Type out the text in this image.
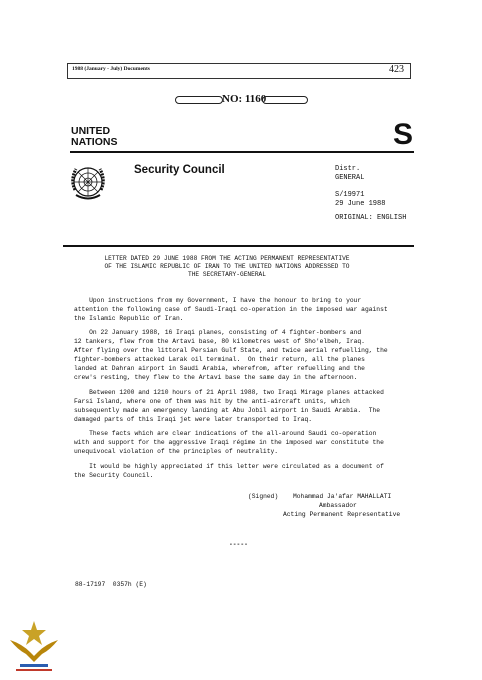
1988 (January - July) Documents	423
NO: 1160
UNITED
NATIONS	S
Security Council	Distr.
GENERAL
S/19971
29 June 1988
ORIGINAL: ENGLISH
LETTER DATED 29 JUNE 1988 FROM THE ACTING PERMANENT REPRESENTATIVE
OF THE ISLAMIC REPUBLIC OF IRAN TO THE UNITED NATIONS ADDRESSED TO
THE SECRETARY-GENERAL
Upon instructions from my Government, I have the honour to bring to your
attention the following case of Saudi-Iraqi co-operation in the imposed war against
the Islamic Republic of Iran.
On 22 January 1988, 16 Iraqi planes, consisting of 4 fighter-bombers and
12 tankers, flew from the Artavi base, 80 kilometres west of Sho'elbeh, Iraq.
After flying over the littoral Persian Gulf State, and twice aerial refuelling, the
fighter-bombers attacked Larak oil terminal.  On their return, all the planes
landed at Dahran airport in Saudi Arabia, wherefrom, after refuelling and the
crew's resting, they flew to the Artavi base the same day in the afternoon.
Between 1200 and 1210 hours of 21 April 1988, two Iraqi Mirage planes attacked
Farsi Island, where one of them was hit by the anti-aircraft units, which
subsequently made an emergency landing at Abu Jobil airport in Saudi Arabia.  The
damaged parts of this Iraqi jet were later transported to Iraq.
These facts which are clear indications of the all-around Saudi co-operation
with and support for the aggressive Iraqi régime in the imposed war constitute the
unequivocal violation of the principles of neutrality.
It would be highly appreciated if this letter were circulated as a document of
the Security Council.
(Signed) Mohammad Ja'afar MAHALLATI
Ambassador
Acting Permanent Representative
-----
88-17197  0357h (E)
